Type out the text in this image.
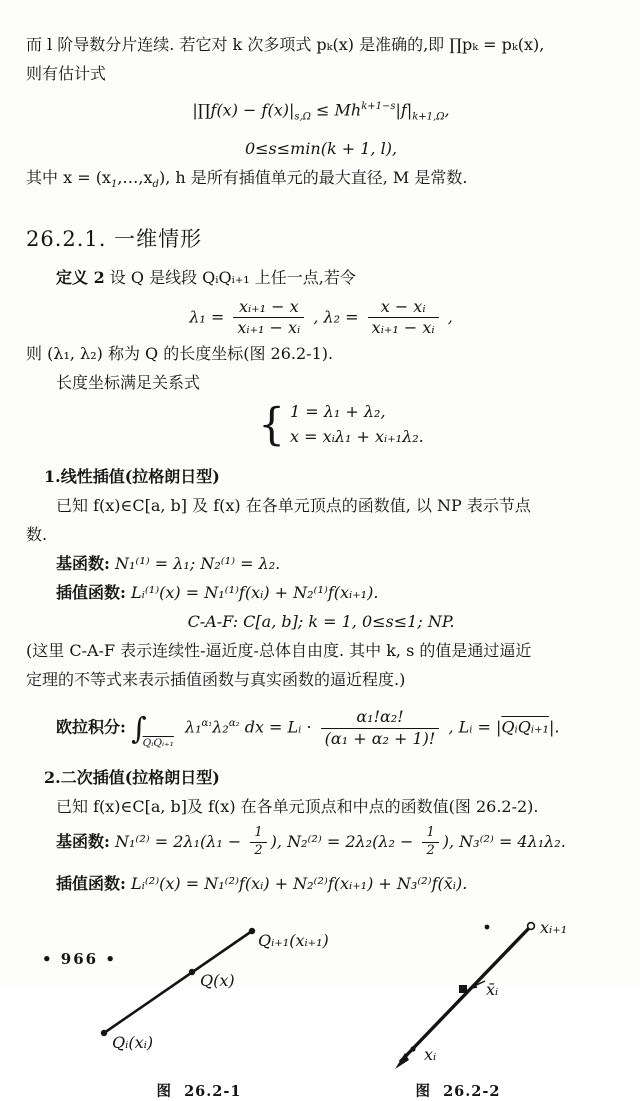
而 l 阶导数分片连续. 若它对 k 次多项式 pₖ(x) 是准确的,即 ∏pₖ = pₖ(x),
则有估计式
|∏f(x) − $f(x)|_{s,\Omega} \le Mh^{k+1-s}|f|_{k+1,\Omega}$,
0≤s≤min(k + 1, l),
其中 $x = (x_1,\dots,x_d)$, h 是所有插值单元的最大直径, M 是常数.
26.2.1. 一维情形
定义 2 设 Q 是线段 QᵢQᵢ₊₁ 上任一点,若令
$\lambda_1 = \frac{\text{xᵢ₊₁ − x}}{\text{xᵢ₊₁ − xᵢ}}$ , $\lambda_2 = \frac{\text{x − xᵢ}}{\text{xᵢ₊₁ − xᵢ}}$ ,
则 (λ₁, λ₂) 称为 Q 的长度坐标(图 26.2-1).
长度坐标满足关系式
{ 1 = λ₁ + λ₂,
x = xᵢλ₁ + xᵢ₊₁λ₂.
1.线性插值(拉格朗日型)
已知 f(x)∈C[a, b] 及 f(x) 在各单元顶点的函数值, 以 NP 表示节点
数.
基函数: N₁⁽¹⁾ = λ₁; N₂⁽¹⁾ = λ₂.
插值函数: Lᵢ⁽¹⁾(x) = N₁⁽¹⁾f(xᵢ) + N₂⁽¹⁾f(xᵢ₊₁).
C-A-F: C[a, b]; k = 1, 0≤s≤1; NP.
(这里 C-A-F 表示连续性-逼近度-总体自由度. 其中 k, s 的值是通过逼近
定理的不等式来表示插值函数与真实函数的逼近程度.)
欧拉积分: $\int_{QᵢQᵢ_{+1}}$ λ₁$^{\alpha_1}$λ₂$^{\alpha_2}$ dx = Lᵢ · $\frac{\text{α₁!α₂!}}{\text{(α₁ + α₂ + 1)!}}$ , Lᵢ = |QᵢQᵢ₊₁|.
2.二次插值(拉格朗日型)
已知 f(x)∈C[a, b]及 f(x) 在各单元顶点和中点的函数值(图 26.2-2).
基函数: $N_1^{(2)} = 2\lambda_1(\lambda_1 - \frac{1}{2}$ ), $N_2^{(2)} = 2\lambda_2(\lambda_2 - \frac{1}{2}$ ), N₃⁽²⁾ = 4λ₁λ₂.
插值函数: Lᵢ⁽²⁾(x) = N₁⁽²⁾f(xᵢ) + N₂⁽²⁾f(xᵢ₊₁) + N₃⁽²⁾f(x̄ᵢ).
Qᵢ₊₁(xᵢ₊₁)
Q(x)
Qᵢ(xᵢ)
图  26.2-1
xᵢ₊₁
x̄ᵢ
xᵢ
图  26.2-2
• 966 •
